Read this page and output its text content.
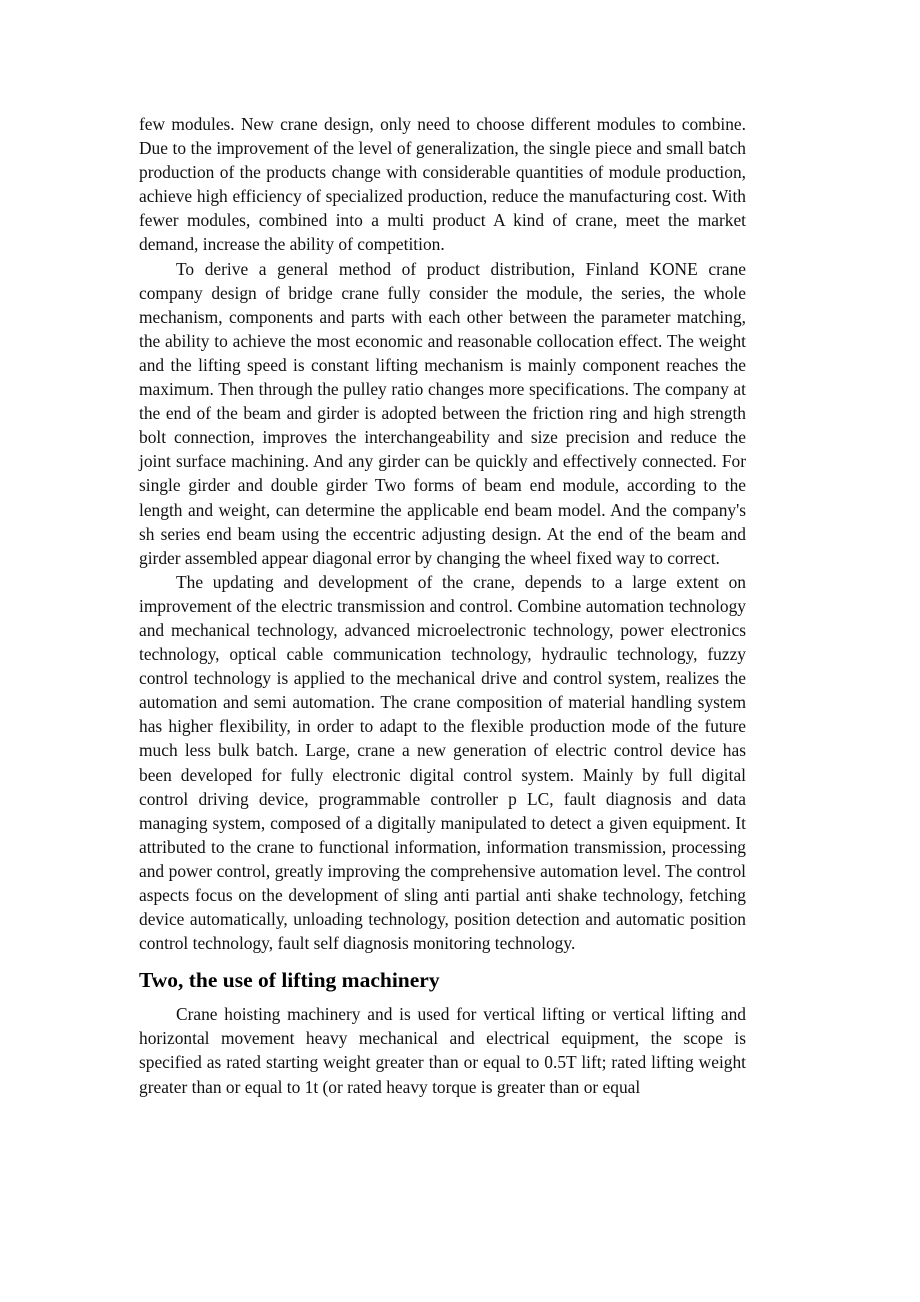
few modules. New crane design, only need to choose different modules to combine. Due to the improvement of the level of generalization, the single piece and small batch production of the products change with considerable quantities of module production, achieve high efficiency of specialized production, reduce the manufacturing cost. With fewer modules, combined into a multi product A kind of crane, meet the market demand, increase the ability of competition.

To derive a general method of product distribution, Finland KONE crane company design of bridge crane fully consider the module, the series, the whole mechanism, components and parts with each other between the parameter matching, the ability to achieve the most economic and reasonable collocation effect. The weight and the lifting speed is constant lifting mechanism is mainly component reaches the maximum. Then through the pulley ratio changes more specifications. The company at the end of the beam and girder is adopted between the friction ring and high strength bolt connection, improves the interchangeability and size precision and reduce the joint surface machining. And any girder can be quickly and effectively connected. For single girder and double girder Two forms of beam end module, according to the length and weight, can determine the applicable end beam model. And the company's sh series end beam using the eccentric adjusting design. At the end of the beam and girder assembled appear diagonal error by changing the wheel fixed way to correct.

The updating and development of the crane, depends to a large extent on improvement of the electric transmission and control. Combine automation technology and mechanical technology, advanced microelectronic technology, power electronics technology, optical cable communication technology, hydraulic technology, fuzzy control technology is applied to the mechanical drive and control system, realizes the automation and semi automation. The crane composition of material handling system has higher flexibility, in order to adapt to the flexible production mode of the future much less bulk batch. Large, crane a new generation of electric control device has been developed for fully electronic digital control system. Mainly by full digital control driving device, programmable controller p LC, fault diagnosis and data managing system, composed of a digitally manipulated to detect a given equipment. It attributed to the crane to functional information, information transmission, processing and power control, greatly improving the comprehensive automation level. The control aspects focus on the development of sling anti partial anti shake technology, fetching device automatically, unloading technology, position detection and automatic position control technology, fault self diagnosis monitoring technology.

Two, the use of lifting machinery

Crane hoisting machinery and is used for vertical lifting or vertical lifting and horizontal movement heavy mechanical and electrical equipment, the scope is specified as rated starting weight greater than or equal to 0.5T lift; rated lifting weight greater than or equal to 1t (or rated heavy torque is greater than or equal
